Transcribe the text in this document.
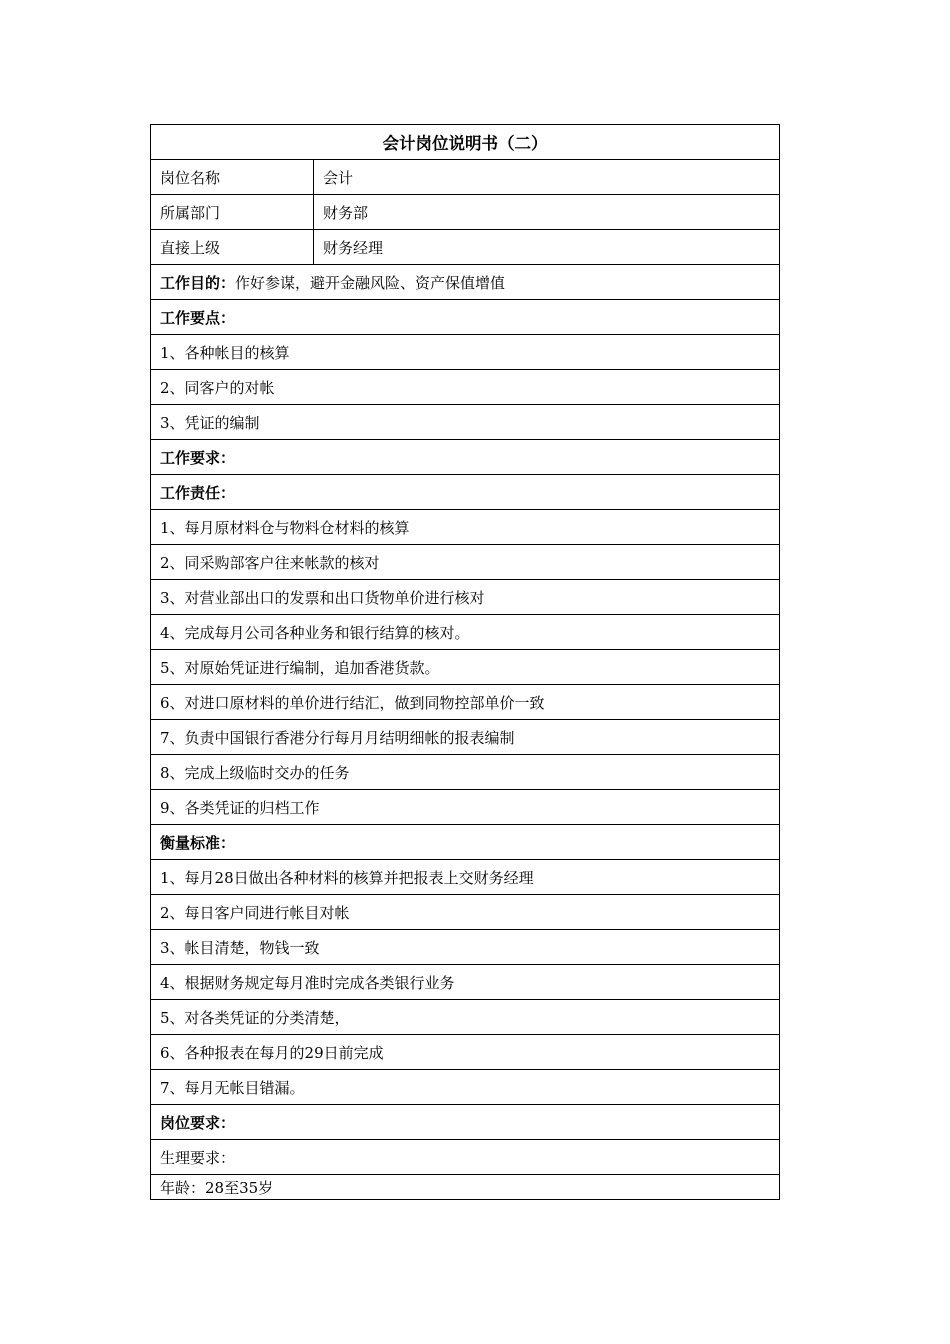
会计岗位说明书（二）	
岗位名称	会计
所属部门	财务部
直接上级	财务经理
工作目的：作好参谋，避开金融风险、资产保值增值	
工作要点：	
1、各种帐目的核算	
2、同客户的对帐	
3、凭证的编制	
工作要求：	
工作责任：	
1、每月原材料仓与物料仓材料的核算	
2、同采购部客户往来帐款的核对	
3、对营业部出口的发票和出口货物单价进行核对	
4、完成每月公司各种业务和银行结算的核对。	
5、对原始凭证进行编制，追加香港货款。	
6、对进口原材料的单价进行结汇，做到同物控部单价一致	
7、负责中国银行香港分行每月月结明细帐的报表编制	
8、完成上级临时交办的任务	
9、各类凭证的归档工作	
衡量标准：	
1、每月28日做出各种材料的核算并把报表上交财务经理	
2、每日客户同进行帐目对帐	
3、帐目清楚，物钱一致	
4、根据财务规定每月准时完成各类银行业务	
5、对各类凭证的分类清楚，	
6、各种报表在每月的29日前完成	
7、每月无帐目错漏。	
岗位要求：	
生理要求：	
年龄：28至35岁	
